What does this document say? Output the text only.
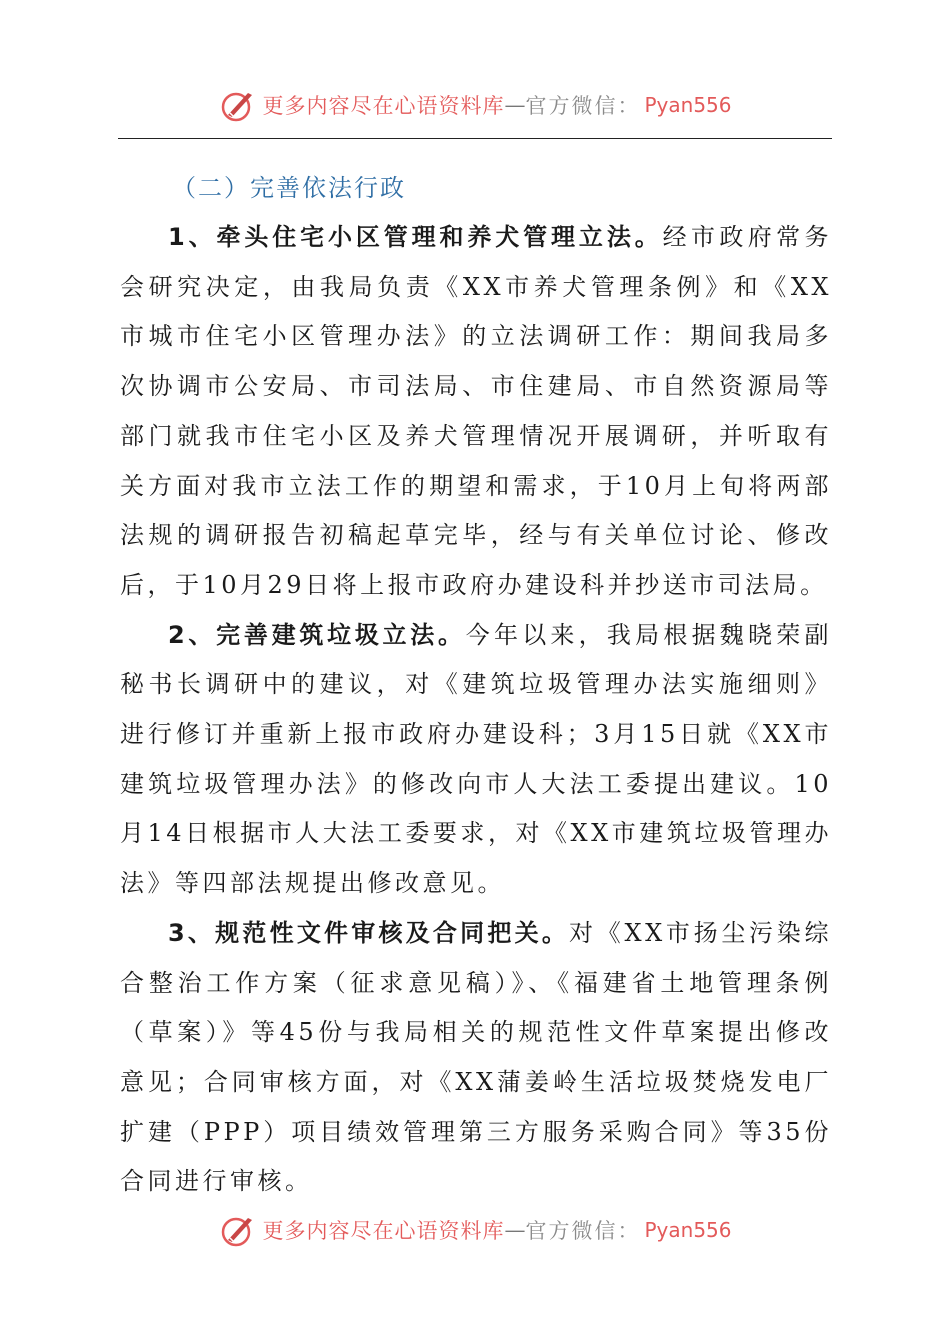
更多内容尽在心语资料库 — 官方微信： Pyan556
（二）完善依法行政

1、牵头住宅小区管理和养犬管理立法。经市政府常务会研究决定，由我局负责《XX市养犬管理条例》和《XX市城市住宅小区管理办法》的立法调研工作：期间我局多次协调市公安局、市司法局、市住建局、市自然资源局等部门就我市住宅小区及养犬管理情况开展调研，并听取有关方面对我市立法工作的期望和需求，于10月上旬将两部法规的调研报告初稿起草完毕，经与有关单位讨论、修改后，于10月29日将上报市政府办建设科并抄送市司法局。

2、完善建筑垃圾立法。今年以来，我局根据魏晓荣副秘书长调研中的建议，对《建筑垃圾管理办法实施细则》进行修订并重新上报市政府办建设科；3月15日就《XX市建筑垃圾管理办法》的修改向市人大法工委提出建议。10月14日根据市人大法工委要求，对《XX市建筑垃圾管理办法》等四部法规提出修改意见。

3、规范性文件审核及合同把关。对《XX市扬尘污染综合整治工作方案（征求意见稿）》、《福建省土地管理条例（草案）》等45份与我局相关的规范性文件草案提出修改意见；合同审核方面，对《XX蒲姜岭生活垃圾焚烧发电厂扩建（PPP）项目绩效管理第三方服务采购合同》等35份合同进行审核。

更多内容尽在心语资料库 — 官方微信： Pyan556
